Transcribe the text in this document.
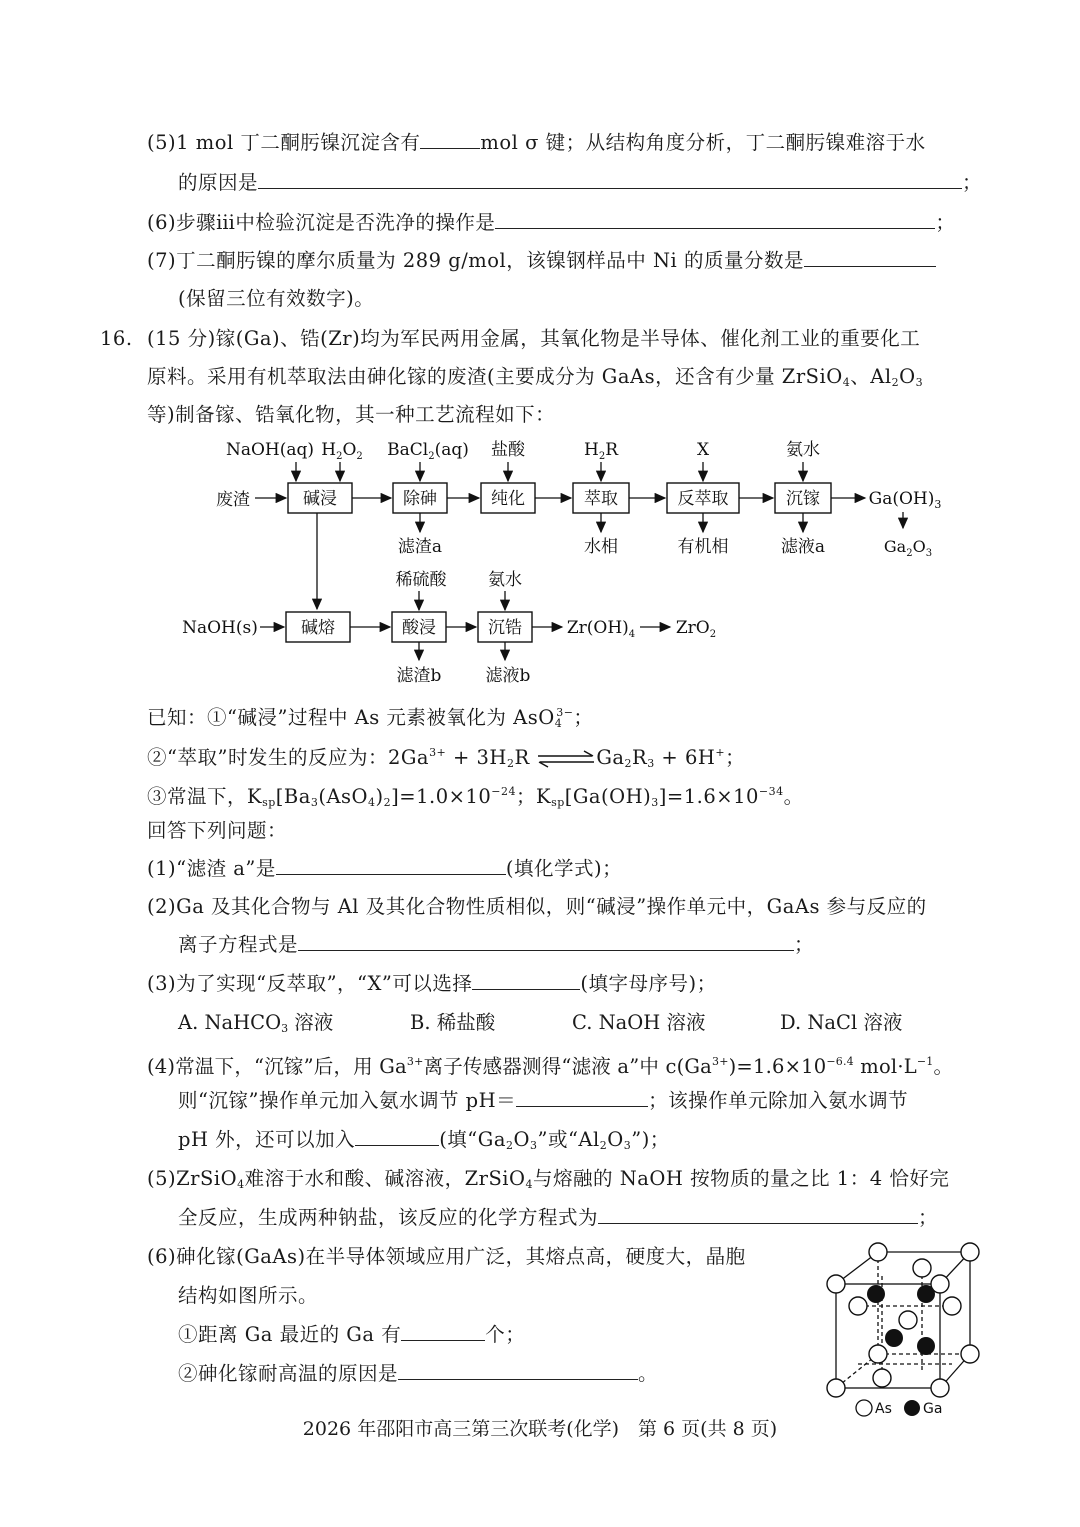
(5)1 mol 丁二酮肟镍沉淀含有	mol σ 键；从结构角度分析，丁二酮肟镍难溶于水
的原因是	；
(6)步骤ⅲ中检验沉淀是否洗净的操作是	；
(7)丁二酮肟镍的摩尔质量为 289 g/mol，该镍钢样品中 Ni 的质量分数是
(保留三位有效数字)。
16. (15 分)镓(Ga)、锆(Zr)均为军民两用金属，其氧化物是半导体、催化剂工业的重要化工
原料。采用有机萃取法由砷化镓的废渣(主要成分为 GaAs，还含有少量 ZrSiO$_4$、$Al_2O_3$
等)制备镓、锆氧化物，其一种工艺流程如下：
碱浸	除砷	纯化	萃取	反萃取	沉镓
废渣	$Ga(OH)_3$
$Ga_2O_3$
NaOH(aq) $H_2O_2$ BaCl$_2$(aq) 盐酸	$H_2R$	X	氨水
滤渣a	水相	有机相	滤液a
NaOH(s)	碱熔	酸浸	沉锆	$Zr(OH)_4$ ZrO$_2$
稀硫酸 氨水
滤渣b	滤液b
已知：①“碱浸”过程中 As 元素被氧化为 AsO$_4^{3-}$；
②“萃取”时发生的反应为：$2Ga^{3+} + 3H_2R$ $\rightleftharpoons Ga_2R_3 + 6H^+$；
③常温下，$K_{sp}[Ba_3(AsO_4)_2]=1.0\times 10^{-24}$；$K_{sp}[Ga(OH)_3]=1.6\times 10^{-34}$。
回答下列问题：
(1)“滤渣 a”是	(填化学式)；
(2)Ga 及其化合物与 Al 及其化合物性质相似，则“碱浸”操作单元中，GaAs 参与反应的
离子方程式是	；
(3)为了实现“反萃取”，“X”可以选择	(填字母序号)；
A. NaHCO$_3$ 溶液	B. 稀盐酸	C. NaOH 溶液	D. NaCl 溶液
(4)常温下，“沉镓”后，用 $Ga^{3+}$离子传感器测得“滤液 a”中 $c(Ga^{3+})=1.6\times 10^{-6.4}$ $mol\cdot L^{-1}$。
则“沉镓”操作单元加入氨水调节 pH＝	；该操作单元除加入氨水调节
pH 外，还可以加入	(填“$Ga_2O_3$”或“$Al_2O_3$”)；
(5)ZrSiO$_4$难溶于水和酸、碱溶液，ZrSiO$_4$与熔融的 NaOH 按物质的量之比 1：4 恰好完
全反应，生成两种钠盐，该反应的化学方程式为	；
(6)砷化镓(GaAs)在半导体领域应用广泛，其熔点高，硬度大，晶胞
结构如图所示。
①距离 Ga 最近的 Ga 有	个；
②砷化镓耐高温的原因是	。
As Ga
2026 年邵阳市高三第三次联考(化学)　第 6 页(共 8 页)
